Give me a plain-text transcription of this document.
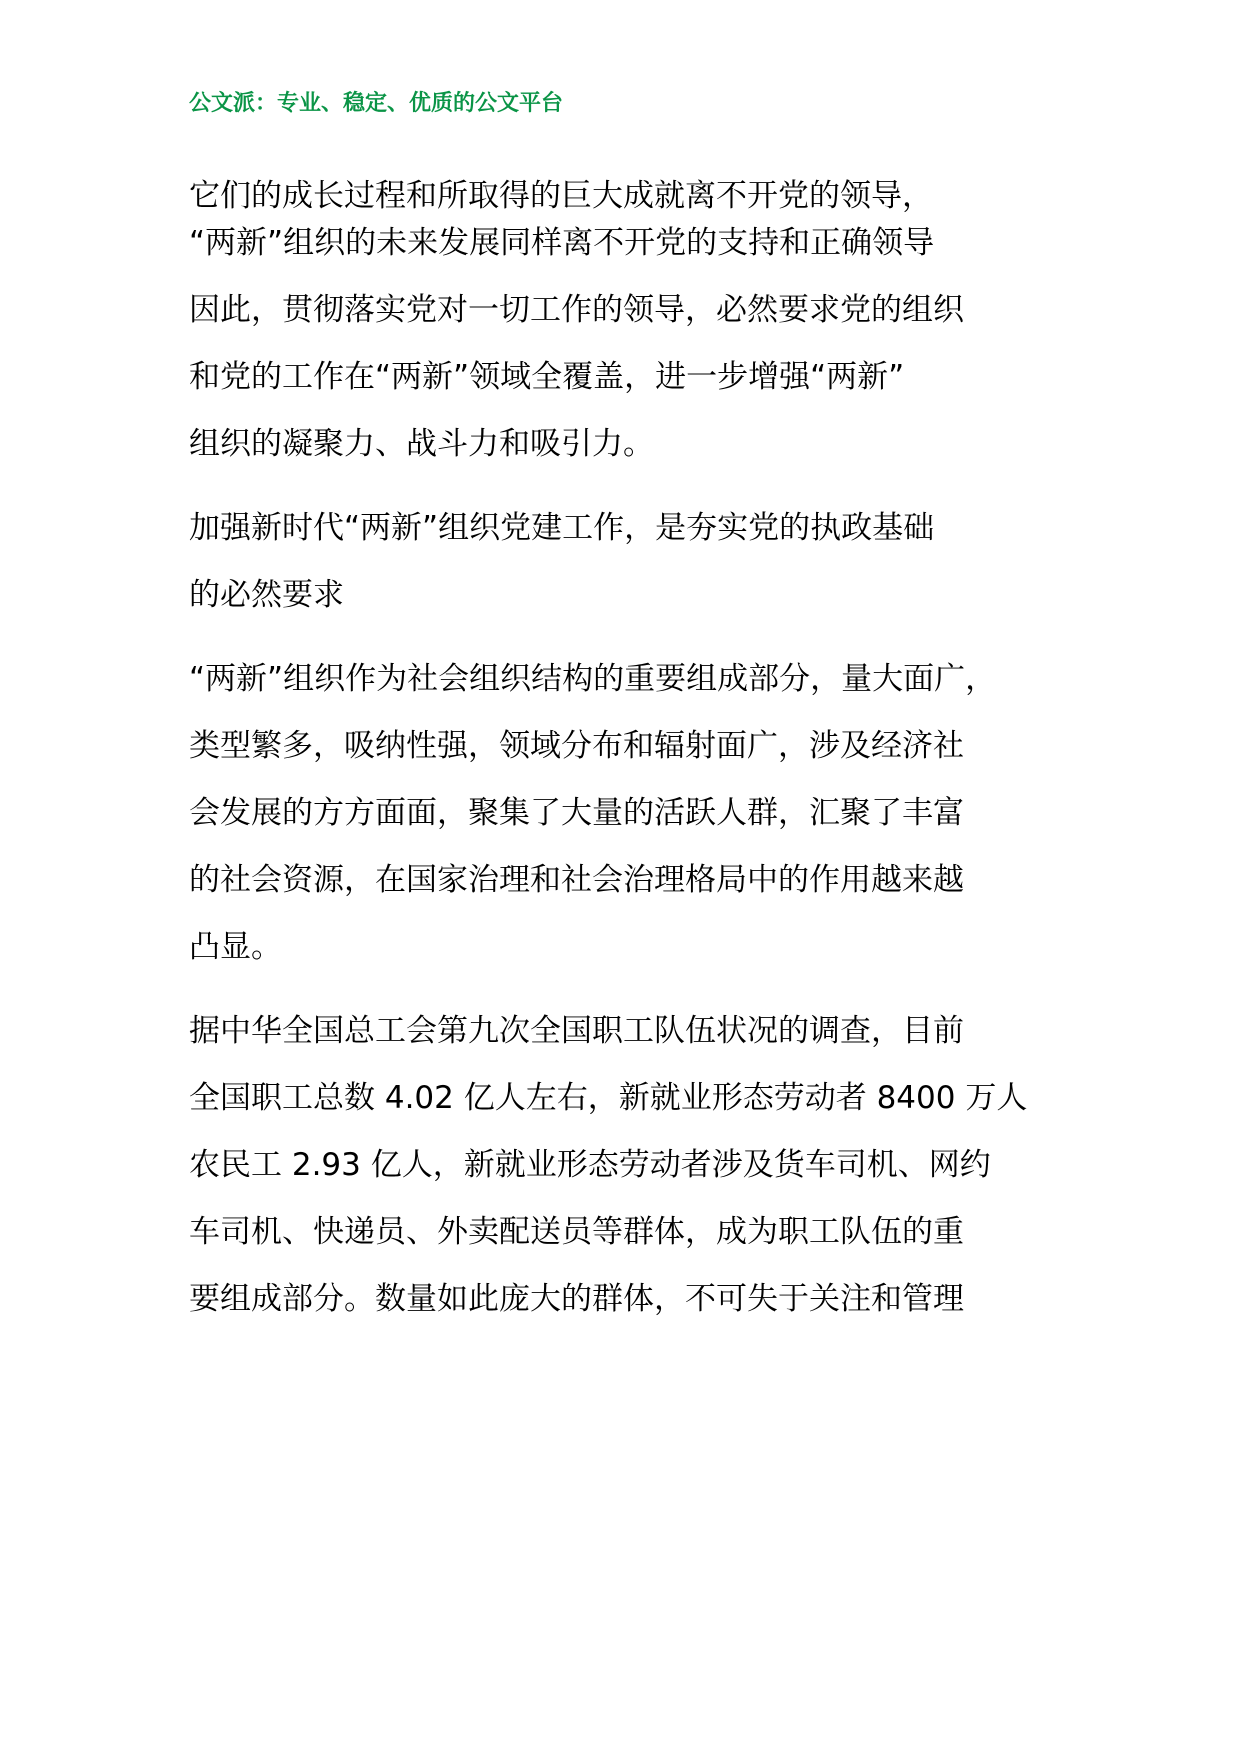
公文派：专业、稳定、优质的公文平台
它们的成长过程和所取得的巨大成就离不开党的领导，
“两新”组织的未来发展同样离不开党的支持和正确领导
因此，贯彻落实党对一切工作的领导，必然要求党的组织
和党的工作在“两新”领域全覆盖，进一步增强“两新”
组织的凝聚力、战斗力和吸引力。
加强新时代“两新”组织党建工作，是夯实党的执政基础
的必然要求
“两新”组织作为社会组织结构的重要组成部分，量大面广，
类型繁多，吸纳性强，领域分布和辐射面广，涉及经济社
会发展的方方面面，聚集了大量的活跃人群，汇聚了丰富
的社会资源，在国家治理和社会治理格局中的作用越来越
凸显。
据中华全国总工会第九次全国职工队伍状况的调查，目前
全国职工总数 4.02 亿人左右，新就业形态劳动者 8400 万人
农民工 2.93 亿人，新就业形态劳动者涉及货车司机、网约
车司机、快递员、外卖配送员等群体，成为职工队伍的重
要组成部分。数量如此庞大的群体，不可失于关注和管理
